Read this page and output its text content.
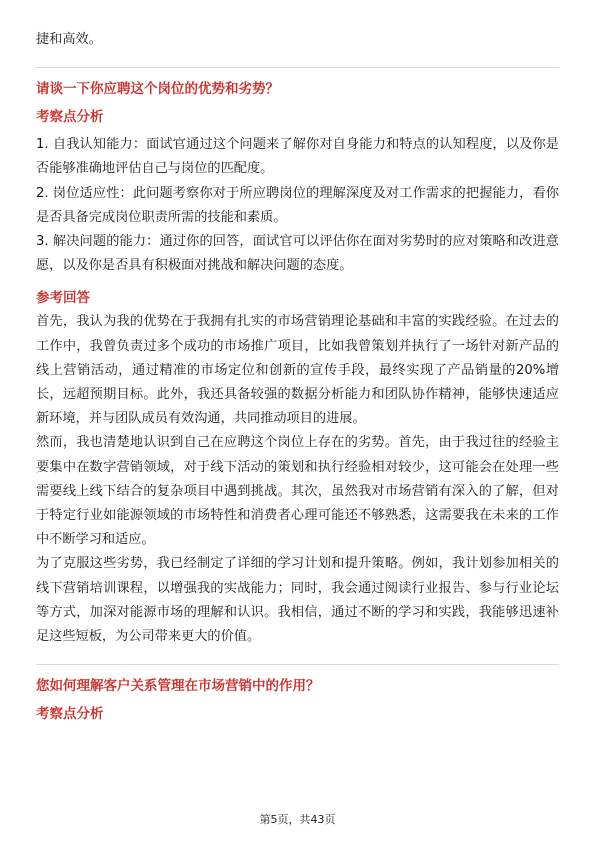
捷和高效。

请谈一下你应聘这个岗位的优势和劣势？

考察点分析

1. 自我认知能力：面试官通过这个问题来了解你对自身能力和特点的认知程度，以及你是否能够准确地评估自己与岗位的匹配度。

2. 岗位适应性：此问题考察你对于所应聘岗位的理解深度及对工作需求的把握能力，看你是否具备完成岗位职责所需的技能和素质。

3. 解决问题的能力：通过你的回答，面试官可以评估你在面对劣势时的应对策略和改进意愿，以及你是否具有积极面对挑战和解决问题的态度。

参考回答

首先，我认为我的优势在于我拥有扎实的市场营销理论基础和丰富的实践经验。在过去的工作中，我曾负责过多个成功的市场推广项目，比如我曾策划并执行了一场针对新产品的线上营销活动，通过精准的市场定位和创新的宣传手段，最终实现了产品销量的20%增长，远超预期目标。此外，我还具备较强的数据分析能力和团队协作精神，能够快速适应新环境，并与团队成员有效沟通，共同推动项目的进展。

然而，我也清楚地认识到自己在应聘这个岗位上存在的劣势。首先，由于我过往的经验主要集中在数字营销领域，对于线下活动的策划和执行经验相对较少，这可能会在处理一些需要线上线下结合的复杂项目中遇到挑战。其次，虽然我对市场营销有深入的了解，但对于特定行业如能源领域的市场特性和消费者心理可能还不够熟悉，这需要我在未来的工作中不断学习和适应。

为了克服这些劣势，我已经制定了详细的学习计划和提升策略。例如，我计划参加相关的线下营销培训课程，以增强我的实战能力；同时，我会通过阅读行业报告、参与行业论坛等方式，加深对能源市场的理解和认识。我相信，通过不断的学习和实践，我能够迅速补足这些短板，为公司带来更大的价值。

您如何理解客户关系管理在市场营销中的作用？

考察点分析

第5页，共43页
